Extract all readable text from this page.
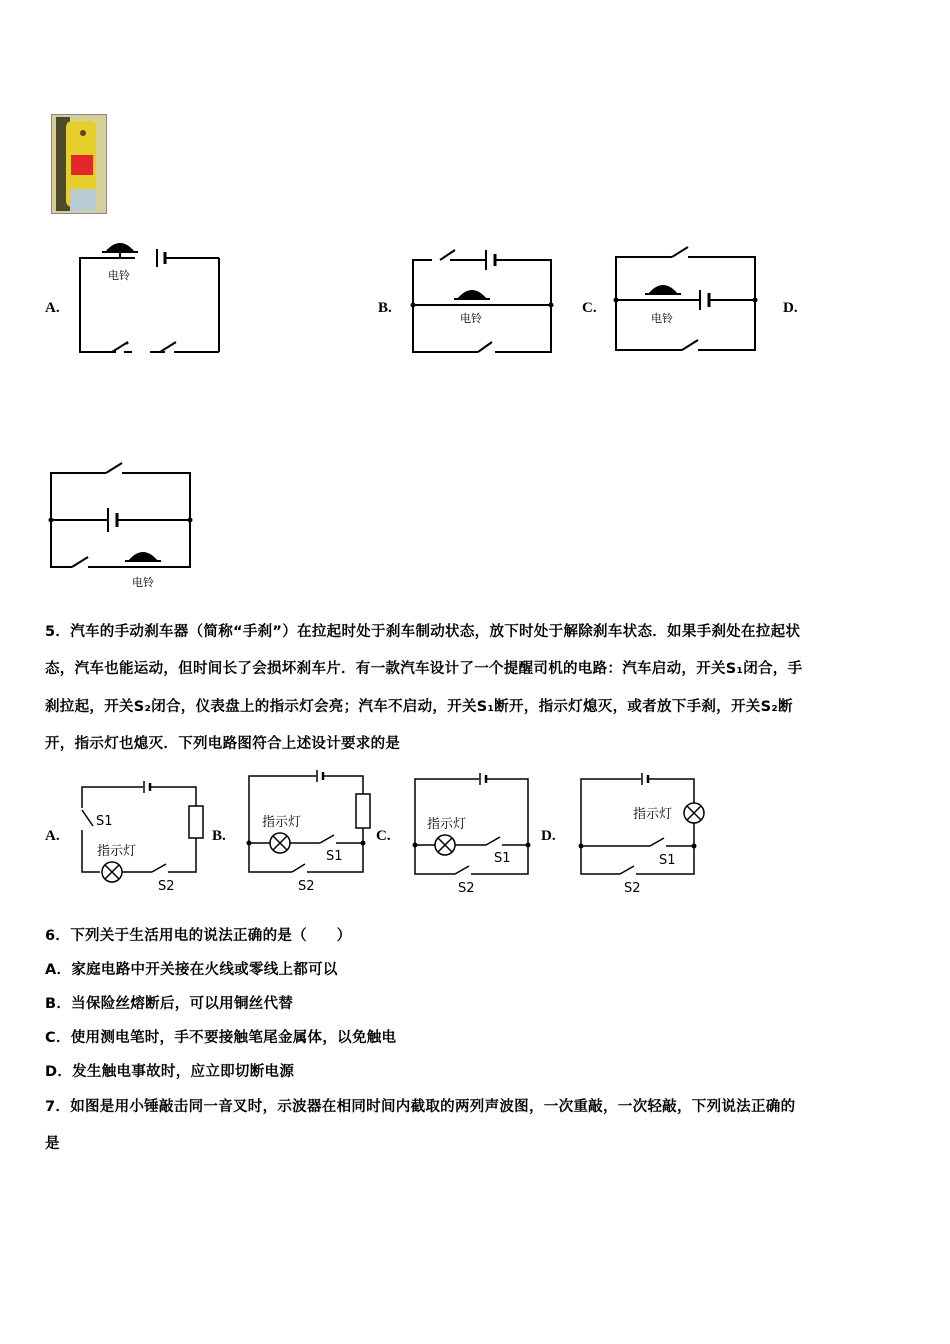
A.	B.	C.	D.
电铃
电铃	电铃
电铃
5．汽车的手动刹车器（简称“手刹”）在拉起时处于刹车制动状态，放下时处于解除刹车状态．如果手刹处在拉起状
态，汽车也能运动，但时间长了会损坏刹车片．有一款汽车设计了一个提醒司机的电路：汽车启动，开关S₁闭合，手
刹拉起，开关S₂闭合，仪表盘上的指示灯会亮；汽车不启动，开关S₁断开，指示灯熄灭，或者放下手刹，开关S₂断
开，指示灯也熄灭．下列电路图符合上述设计要求的是
A.	B.	C.	D.
S1
指示灯
S2
指示灯
S1
S2
指示灯
S1
S2
指示灯
S1
S2
6．下列关于生活用电的说法正确的是（　　）
A．家庭电路中开关接在火线或零线上都可以
B．当保险丝熔断后，可以用铜丝代替
C．使用测电笔时，手不要接触笔尾金属体，以免触电
D．发生触电事故时，应立即切断电源
7．如图是用小锤敲击同一音叉时，示波器在相同时间内截取的两列声波图，一次重敲，一次轻敲，下列说法正确的
是
